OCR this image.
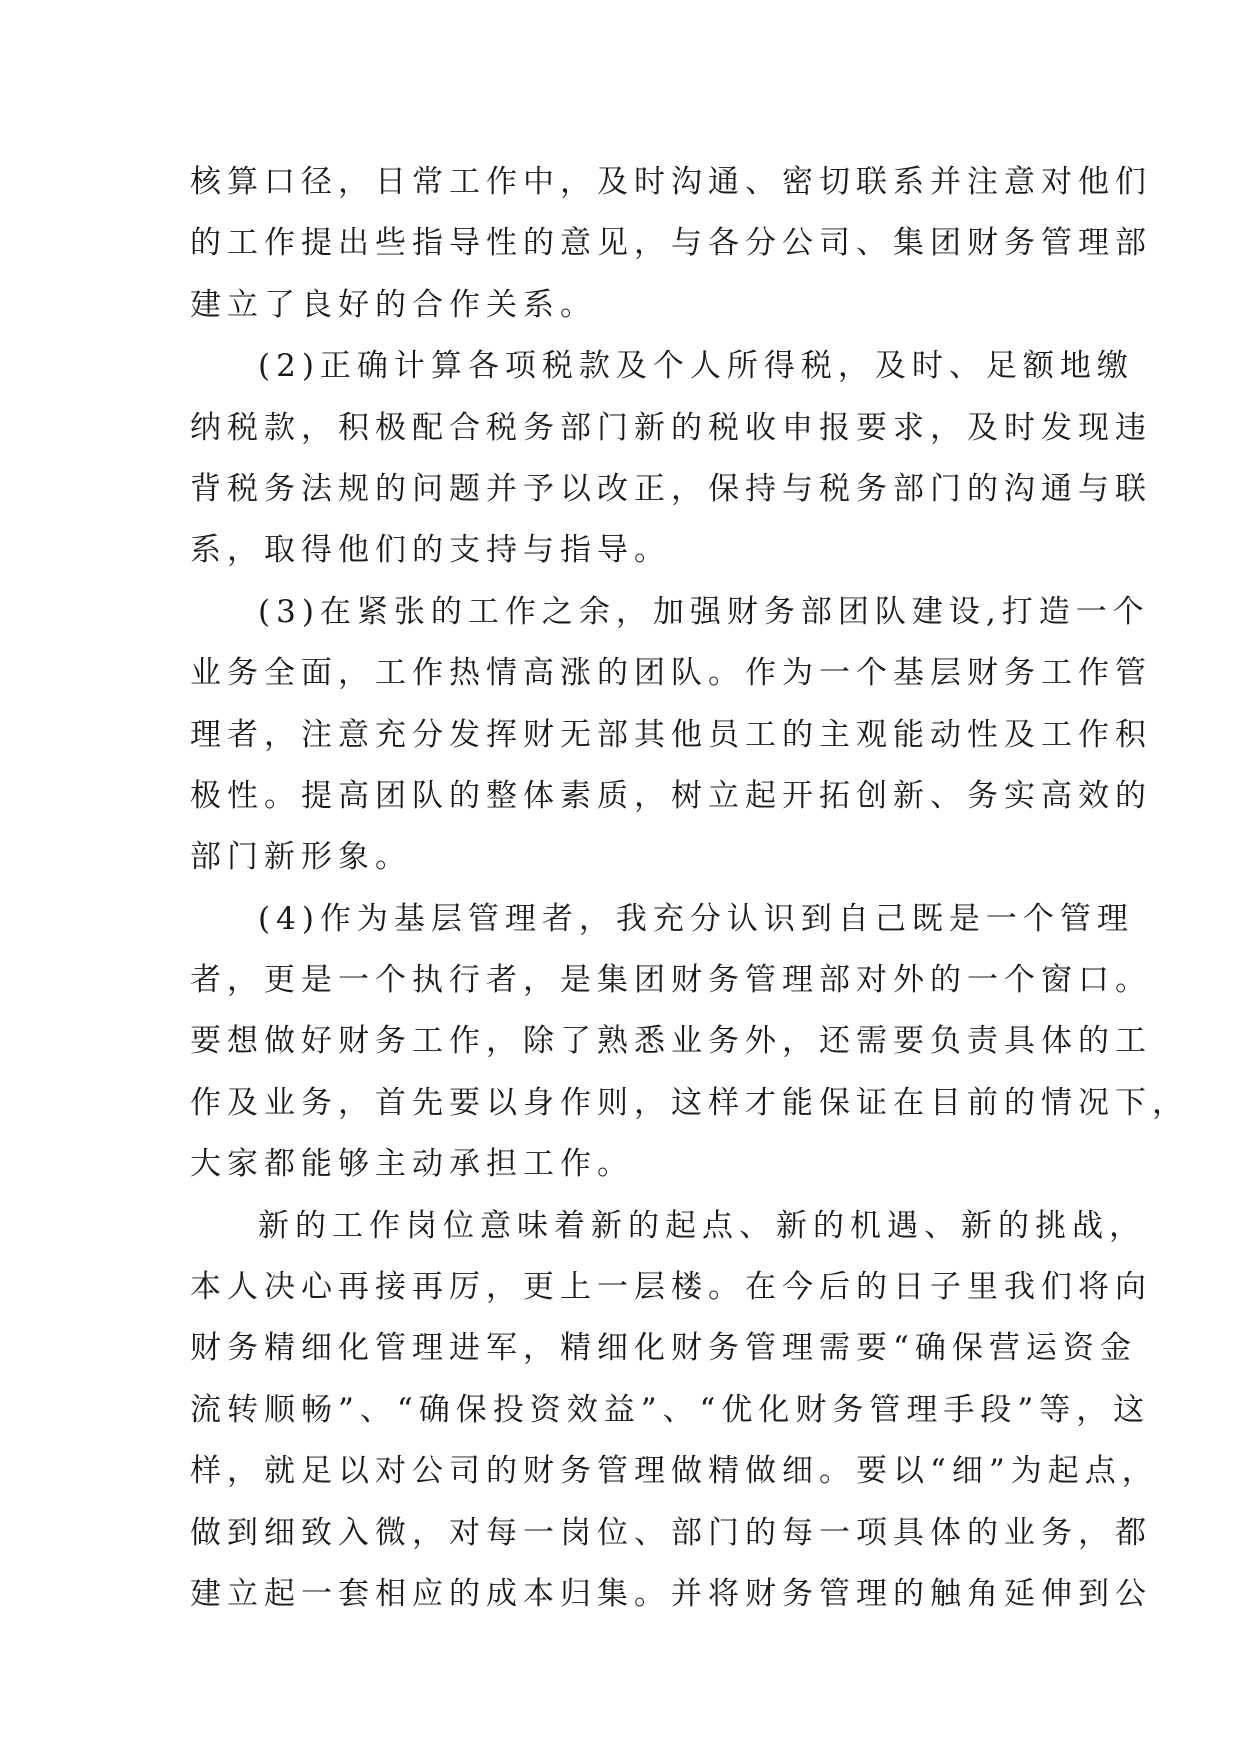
核算口径，日常工作中，及时沟通、密切联系并注意对他们
的工作提出些指导性的意见，与各分公司、集团财务管理部
建立了良好的合作关系。
(2)正确计算各项税款及个人所得税，及时、足额地缴
纳税款，积极配合税务部门新的税收申报要求，及时发现违
背税务法规的问题并予以改正，保持与税务部门的沟通与联
系，取得他们的支持与指导。
(3)在紧张的工作之余，加强财务部团队建设,打造一个
业务全面，工作热情高涨的团队。作为一个基层财务工作管
理者，注意充分发挥财无部其他员工的主观能动性及工作积
极性。提高团队的整体素质，树立起开拓创新、务实高效的
部门新形象。
(4)作为基层管理者，我充分认识到自己既是一个管理
者，更是一个执行者，是集团财务管理部对外的一个窗口。
要想做好财务工作，除了熟悉业务外，还需要负责具体的工
作及业务，首先要以身作则，这样才能保证在目前的情况下，
大家都能够主动承担工作。
新的工作岗位意味着新的起点、新的机遇、新的挑战，
本人决心再接再厉，更上一层楼。在今后的日子里我们将向
财务精细化管理进军，精细化财务管理需要“确保营运资金
流转顺畅”、“确保投资效益”、“优化财务管理手段”等，这
样，就足以对公司的财务管理做精做细。要以“细”为起点，
做到细致入微，对每一岗位、部门的每一项具体的业务，都
建立起一套相应的成本归集。并将财务管理的触角延伸到公
